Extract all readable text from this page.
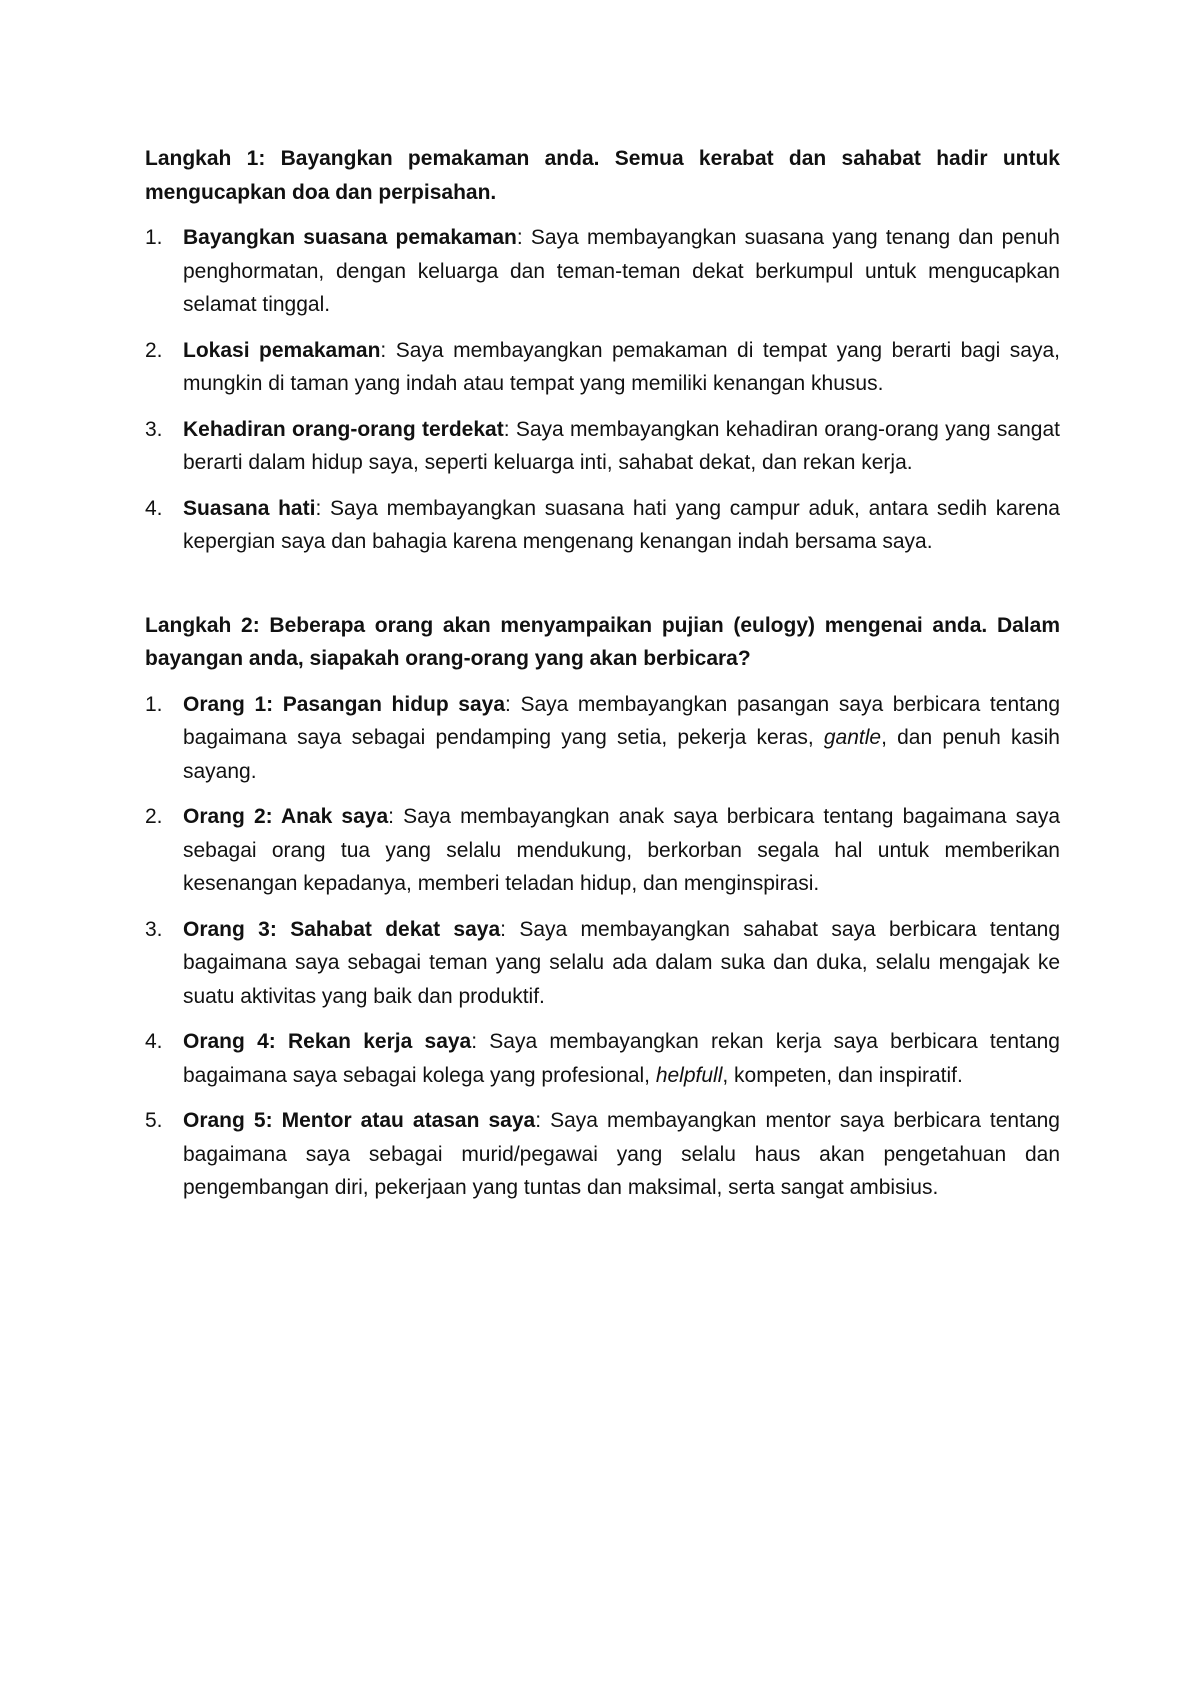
Langkah 1: Bayangkan pemakaman anda. Semua kerabat dan sahabat hadir untuk mengucapkan doa dan perpisahan.

1. Bayangkan suasana pemakaman: Saya membayangkan suasana yang tenang dan penuh penghormatan, dengan keluarga dan teman-teman dekat berkumpul untuk mengucapkan selamat tinggal.
2. Lokasi pemakaman: Saya membayangkan pemakaman di tempat yang berarti bagi saya, mungkin di taman yang indah atau tempat yang memiliki kenangan khusus.
3. Kehadiran orang-orang terdekat: Saya membayangkan kehadiran orang-orang yang sangat berarti dalam hidup saya, seperti keluarga inti, sahabat dekat, dan rekan kerja.
4. Suasana hati: Saya membayangkan suasana hati yang campur aduk, antara sedih karena kepergian saya dan bahagia karena mengenang kenangan indah bersama saya.

Langkah 2: Beberapa orang akan menyampaikan pujian (eulogy) mengenai anda. Dalam bayangan anda, siapakah orang-orang yang akan berbicara?

1. Orang 1: Pasangan hidup saya: Saya membayangkan pasangan saya berbicara tentang bagaimana saya sebagai pendamping yang setia, pekerja keras, gantle, dan penuh kasih sayang.
2. Orang 2: Anak saya: Saya membayangkan anak saya berbicara tentang bagaimana saya sebagai orang tua yang selalu mendukung, berkorban segala hal untuk memberikan kesenangan kepadanya, memberi teladan hidup, dan menginspirasi.
3. Orang 3: Sahabat dekat saya: Saya membayangkan sahabat saya berbicara tentang bagaimana saya sebagai teman yang selalu ada dalam suka dan duka, selalu mengajak ke suatu aktivitas yang baik dan produktif.
4. Orang 4: Rekan kerja saya: Saya membayangkan rekan kerja saya berbicara tentang bagaimana saya sebagai kolega yang profesional, helpfull, kompeten, dan inspiratif.
5. Orang 5: Mentor atau atasan saya: Saya membayangkan mentor saya berbicara tentang bagaimana saya sebagai murid/pegawai yang selalu haus akan pengetahuan dan pengembangan diri, pekerjaan yang tuntas dan maksimal, serta sangat ambisius.
